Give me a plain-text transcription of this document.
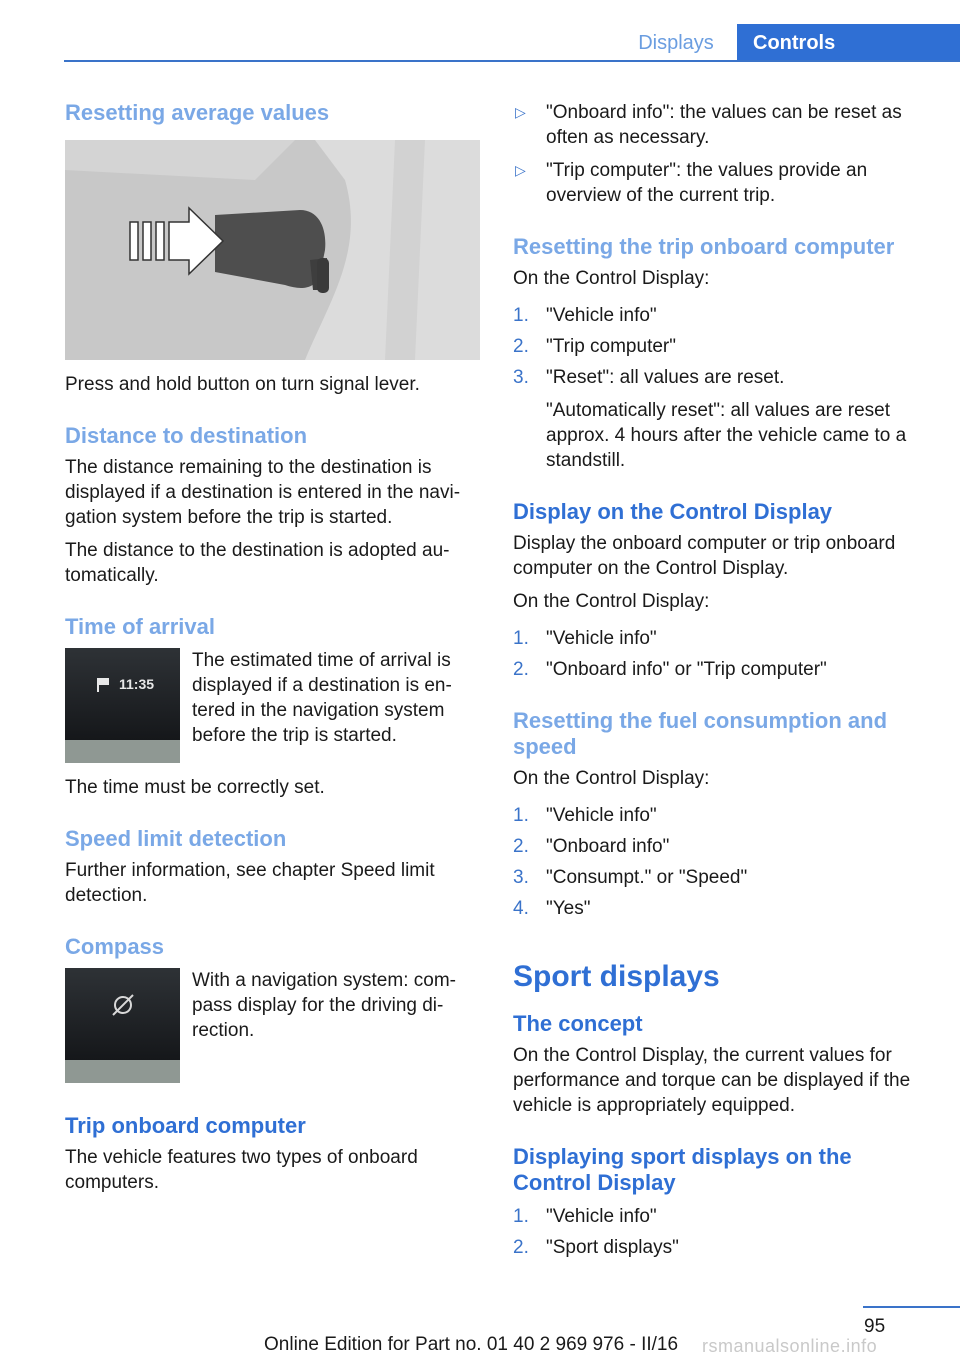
Displays	Controls
Resetting average values

Press and hold button on turn signal lever.

Distance to destination

The distance remaining to the destination is displayed if a destination is entered in the navi-gation system before the trip is started.

The distance to the destination is adopted au-tomatically.

Time of arrival
11:35

The estimated time of arrival is displayed if a destination is en-tered in the navigation system before the trip is started.

The time must be correctly set.

Speed limit detection

Further information, see chapter Speed limit detection.

Compass

With a navigation system: com-pass display for the driving di-rection.

Trip onboard computer

The vehicle features two types of onboard computers.

▷ "Onboard info": the values can be reset as often as necessary.
▷ "Trip computer": the values provide an overview of the current trip.
Resetting the trip onboard computer

On the Control Display:

1. "Vehicle info"
2. "Trip computer"
3. "Reset": all values are reset.

"Automatically reset": all values are reset approx. 4 hours after the vehicle came to a standstill.

Display on the Control Display

Display the onboard computer or trip onboard computer on the Control Display.

On the Control Display:

1. "Vehicle info"
2. "Onboard info" or "Trip computer"
Resetting the fuel consumption and speed

On the Control Display:

1. "Vehicle info"
2. "Onboard info"
3. "Consumpt." or "Speed"
4. "Yes"
Sport displays
The concept

On the Control Display, the current values for performance and torque can be displayed if the vehicle is appropriately equipped.

Displaying sport displays on the Control Display
1. "Vehicle info"
2. "Sport displays"
95
Online Edition for Part no. 01 40 2 969 976 - II/16 rsmanualsonline.info
